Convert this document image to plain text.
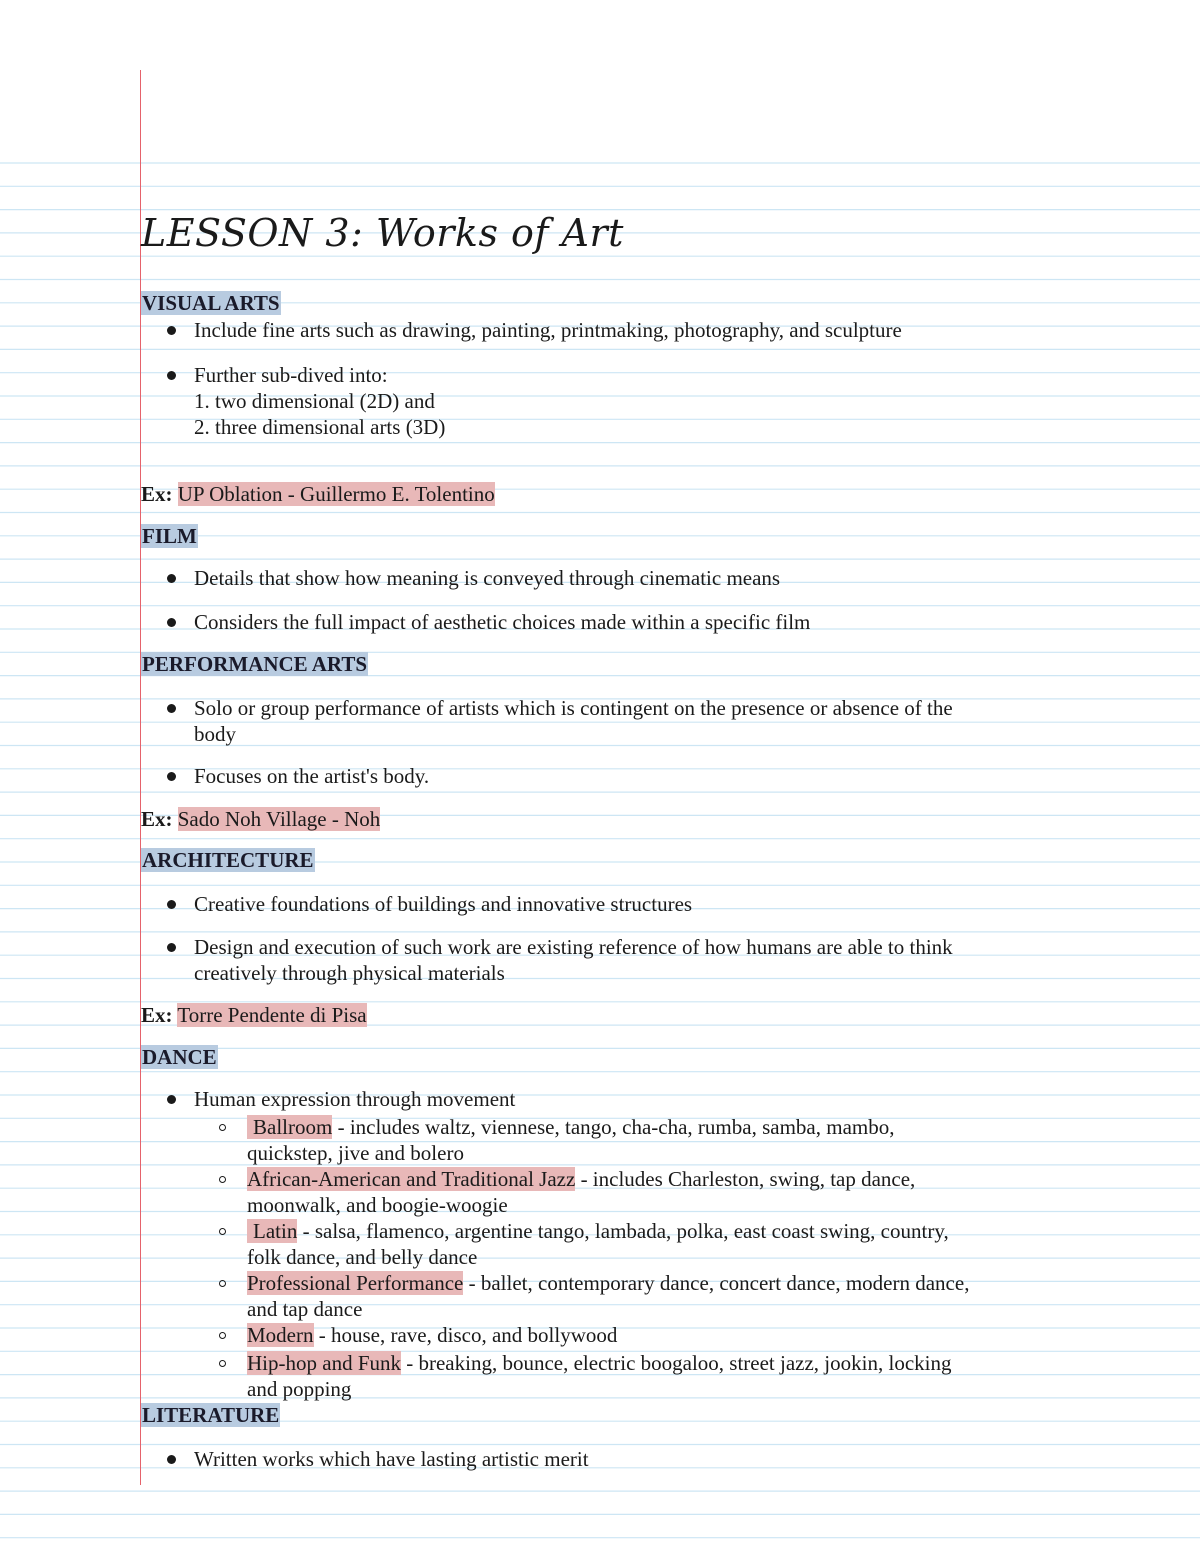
LESSON 3: Works of Art
VISUAL ARTS
Include fine arts such as drawing, painting, printmaking, photography, and sculpture
Further sub-dived into:
1. two dimensional (2D) and
2. three dimensional arts (3D)
Ex: UP Oblation - Guillermo E. Tolentino
FILM
Details that show how meaning is conveyed through cinematic means
Considers the full impact of aesthetic choices made within a specific film
PERFORMANCE ARTS
Solo or group performance of artists which is contingent on the presence or absence of the
body
Focuses on the artist's body.
Ex: Sado Noh Village - Noh
ARCHITECTURE
Creative foundations of buildings and innovative structures
Design and execution of such work are existing reference of how humans are able to think
creatively through physical materials
Ex: Torre Pendente di Pisa
DANCE
Human expression through movement
Ballroom - includes waltz, viennese, tango, cha-cha, rumba, samba, mambo,
quickstep, jive and bolero
African-American and Traditional Jazz - includes Charleston, swing, tap dance,
moonwalk, and boogie-woogie
Latin - salsa, flamenco, argentine tango, lambada, polka, east coast swing, country,
folk dance, and belly dance
Professional Performance - ballet, contemporary dance, concert dance, modern dance,
and tap dance
Modern - house, rave, disco, and bollywood
Hip-hop and Funk - breaking, bounce, electric boogaloo, street jazz, jookin, locking
and popping
LITERATURE
Written works which have lasting artistic merit
